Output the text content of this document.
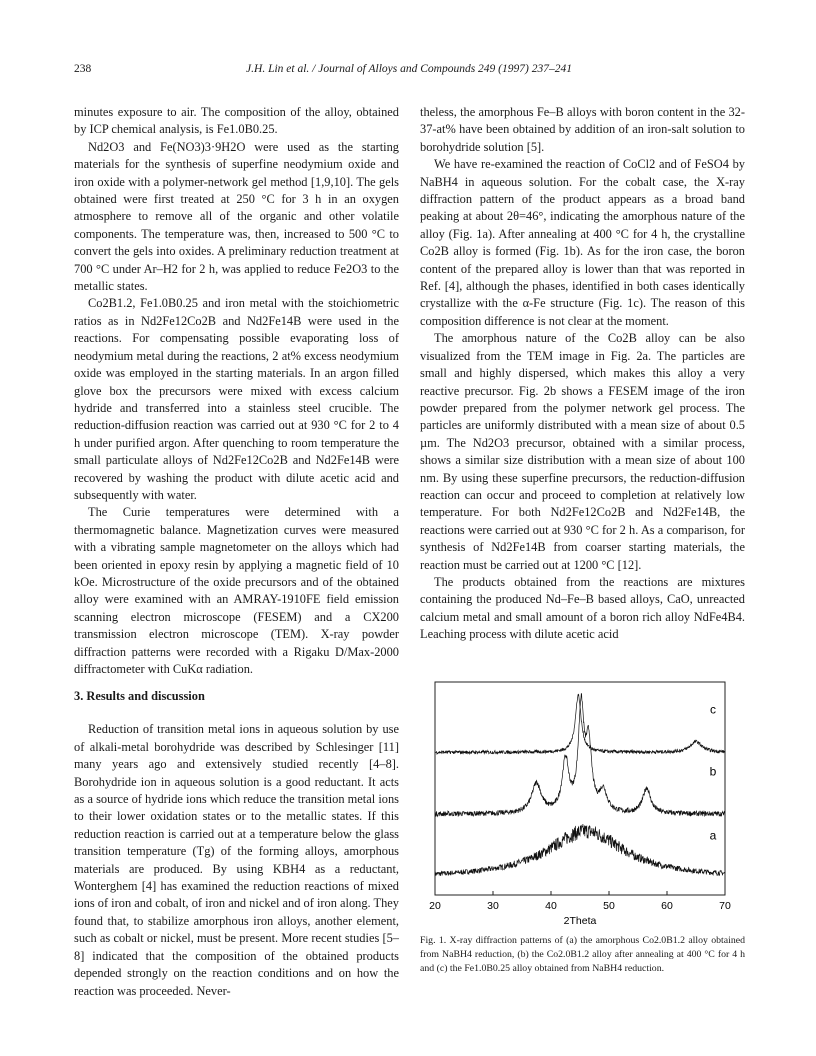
238	J.H. Lin et al. / Journal of Alloys and Compounds 249 (1997) 237–241

minutes exposure to air. The composition of the alloy, obtained by ICP chemical analysis, is Fe1.0B0.25.

Nd2O3 and Fe(NO3)3·9H2O were used as the starting materials for the synthesis of superfine neodymium oxide and iron oxide with a polymer-network gel method [1,9,10]. The gels obtained were first treated at 250 °C for 3 h in an oxygen atmosphere to remove all of the organic and other volatile components. The temperature was, then, increased to 500 °C to convert the gels into oxides. A preliminary reduction treatment at 700 °C under Ar–H2 for 2 h, was applied to reduce Fe2O3 to the metallic states.

Co2B1.2, Fe1.0B0.25 and iron metal with the stoichiometric ratios as in Nd2Fe12Co2B and Nd2Fe14B were used in the reactions. For compensating possible evaporating loss of neodymium metal during the reactions, 2 at% excess neodymium oxide was employed in the starting materials. In an argon filled glove box the precursors were mixed with excess calcium hydride and transferred into a stainless steel crucible. The reduction-diffusion reaction was carried out at 930 °C for 2 to 4 h under purified argon. After quenching to room temperature the small particulate alloys of Nd2Fe12Co2B and Nd2Fe14B were recovered by washing the product with dilute acetic acid and subsequently with water.

The Curie temperatures were determined with a thermomagnetic balance. Magnetization curves were measured with a vibrating sample magnetometer on the alloys which had been oriented in epoxy resin by applying a magnetic field of 10 kOe. Microstructure of the oxide precursors and of the obtained alloy were examined with an AMRAY-1910FE field emission scanning electron microscope (FESEM) and a CX200 transmission electron microscope (TEM). X-ray powder diffraction patterns were recorded with a Rigaku D/Max-2000 diffractometer with CuKα radiation.

theless, the amorphous Fe–B alloys with boron content in the 32-37-at% have been obtained by addition of an iron-salt solution to borohydride solution [5].

We have re-examined the reaction of CoCl2 and of FeSO4 by NaBH4 in aqueous solution. For the cobalt case, the X-ray diffraction pattern of the product appears as a broad band peaking at about 2θ=46°, indicating the amorphous nature of the alloy (Fig. 1a). After annealing at 400 °C for 4 h, the crystalline Co2B alloy is formed (Fig. 1b). As for the iron case, the boron content of the prepared alloy is lower than that was reported in Ref. [4], although the phases, identified in both cases identically crystallize with the α-Fe structure (Fig. 1c). The reason of this composition difference is not clear at the moment.

The amorphous nature of the Co2B alloy can be also visualized from the TEM image in Fig. 2a. The particles are small and highly dispersed, which makes this alloy a very reactive precursor. Fig. 2b shows a FESEM image of the iron powder prepared from the polymer network gel process. The particles are uniformly distributed with a mean size of about 0.5 µm. The Nd2O3 precursor, obtained with a similar process, shows a similar size distribution with a mean size of about 100 nm. By using these superfine precursors, the reduction-diffusion reaction can occur and proceed to completion at relatively low temperature. For both Nd2Fe12Co2B and Nd2Fe14B, the reactions were carried out at 930 °C for 2 h. As a comparison, for synthesis of Nd2Fe14B from coarser starting materials, the reaction must be carried out at 1200 °C [12].

The products obtained from the reactions are mixtures containing the produced Nd–Fe–B based alloys, CaO, unreacted calcium metal and small amount of a boron rich alloy NdFe4B4. Leaching process with dilute acetic acid

3. Results and discussion

Reduction of transition metal ions in aqueous solution by use of alkali-metal borohydride was described by Schlesinger [11] many years ago and extensively studied recently [4–8]. Borohydride ion in aqueous solution is a good reductant. It acts as a source of hydride ions which reduce the transition metal ions to their lower oxidation states or to the metallic states. If this reduction reaction is carried out at a temperature below the glass transition temperature (Tg) of the forming alloys, amorphous materials are produced. By using KBH4 as a reductant, Wonterghem [4] has examined the reduction reactions of mixed ions of iron and cobalt, of iron and nickel and of iron along. They found that, to stabilize amorphous iron alloys, another element, such as cobalt or nickel, must be present. More recent studies [5–8] indicated that the composition of the obtained products depended strongly on the reaction conditions and on how the reaction was proceeded. Never-

a
b
c
20	30	40	50	60	70
2Theta
Fig. 1. X-ray diffraction patterns of (a) the amorphous Co2.0B1.2 alloy obtained from NaBH4 reduction, (b) the Co2.0B1.2 alloy after annealing at 400 °C for 4 h and (c) the Fe1.0B0.25 alloy obtained from NaBH4 reduction.
